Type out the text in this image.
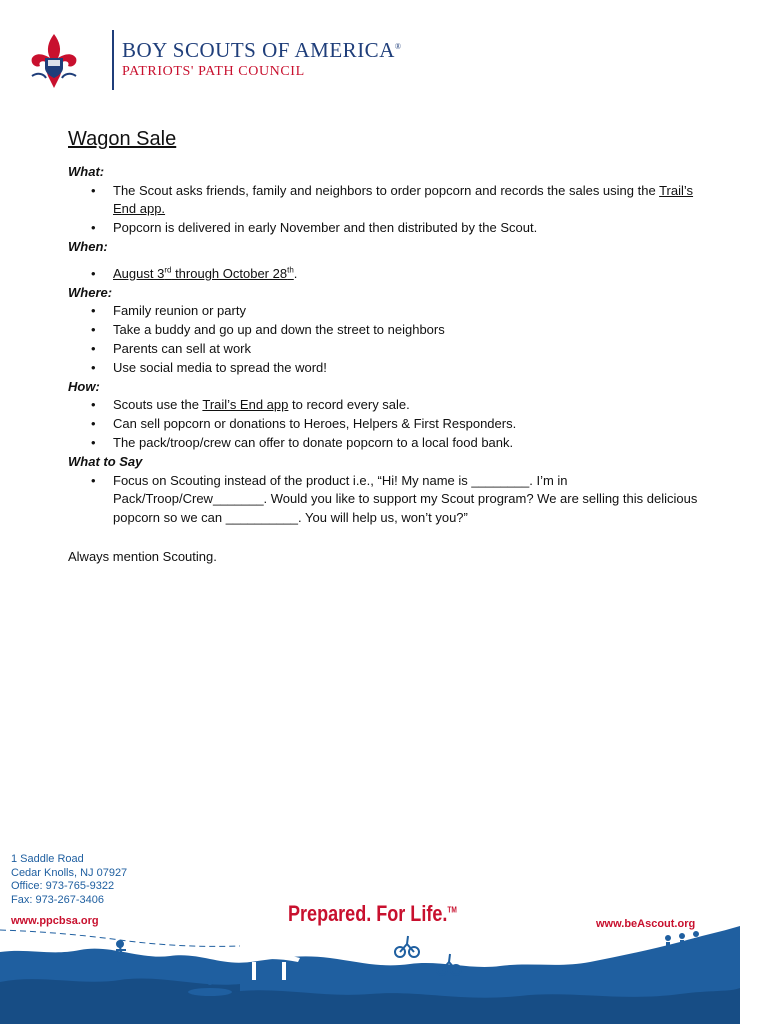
BOY SCOUTS OF AMERICA®
PATRIOTS' PATH COUNCIL
Wagon Sale
What:
• The Scout asks friends, family and neighbors to order popcorn and records the sales using the Trail’s End app.
• Popcorn is delivered in early November and then distributed by the Scout.
When:
• August 3rd through October 28th.
Where:
• Family reunion or party
• Take a buddy and go up and down the street to neighbors
• Parents can sell at work
• Use social media to spread the word!
How:
• Scouts use the Trail’s End app to record every sale.
• Can sell popcorn or donations to Heroes, Helpers & First Responders.
• The pack/troop/crew can offer to donate popcorn to a local food bank.
What to Say
• Focus on Scouting instead of the product i.e., “Hi! My name is ________. I’m in Pack/Troop/Crew_______. Would you like to support my Scout program? We are selling this delicious popcorn so we can __________. You will help us, won’t you?”
Always mention Scouting.
1 Saddle Road
Cedar Knolls, NJ 07927
Office: 973-765-9322
Fax: 973-267-3406
www.ppcbsa.org	Prepared. For Life.™
www.beAscout.org
